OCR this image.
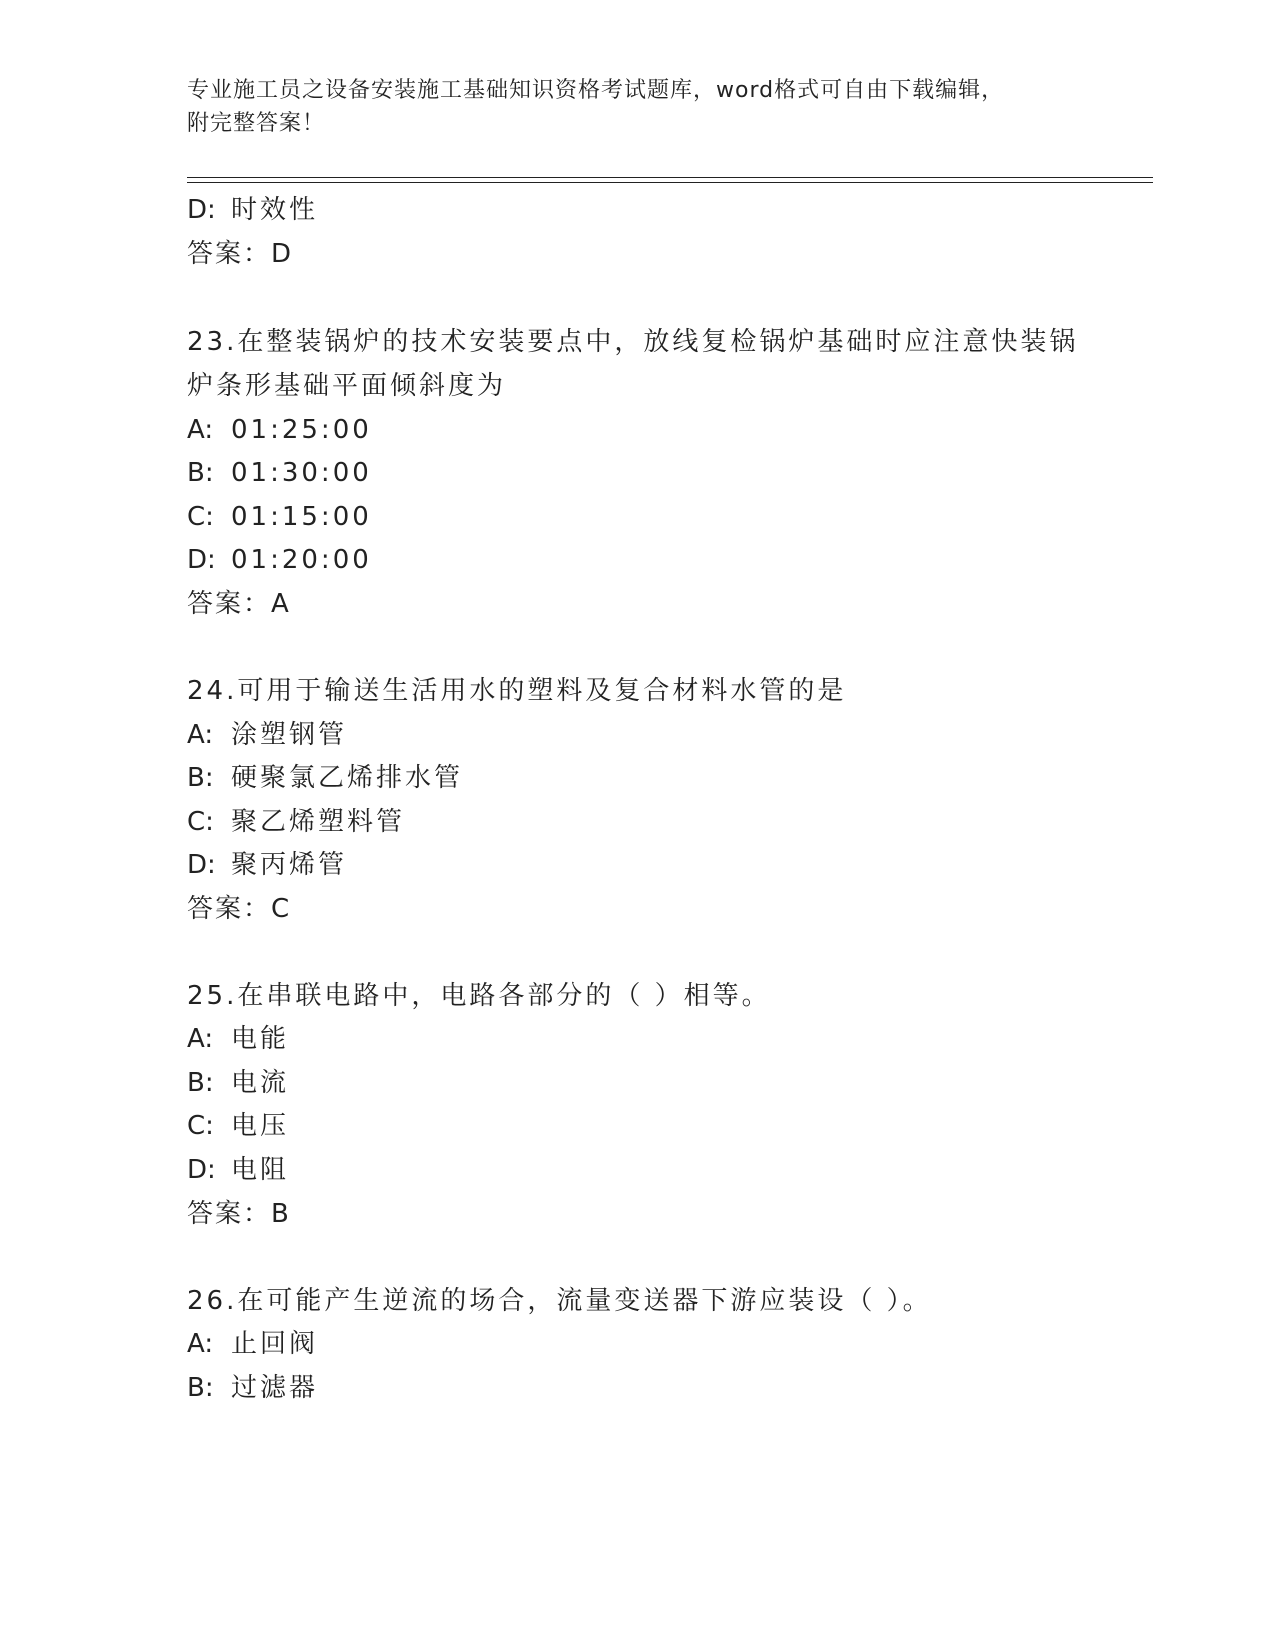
专业施工员之设备安装施工基础知识资格考试题库，word格式可自由下载编辑，
附完整答案！
D: 时效性
答案：D
23.在整装锅炉的技术安装要点中，放线复检锅炉基础时应注意快装锅
炉条形基础平面倾斜度为
A: 01:25:00
B: 01:30:00
C: 01:15:00
D: 01:20:00
答案：A
24.可用于输送生活用水的塑料及复合材料水管的是
A: 涂塑钢管
B: 硬聚氯乙烯排水管
C: 聚乙烯塑料管
D: 聚丙烯管
答案：C
25.在串联电路中，电路各部分的（ ）相等。
A: 电能
B: 电流
C: 电压
D: 电阻
答案：B
26.在可能产生逆流的场合，流量变送器下游应装设（ ）。
A: 止回阀
B: 过滤器
